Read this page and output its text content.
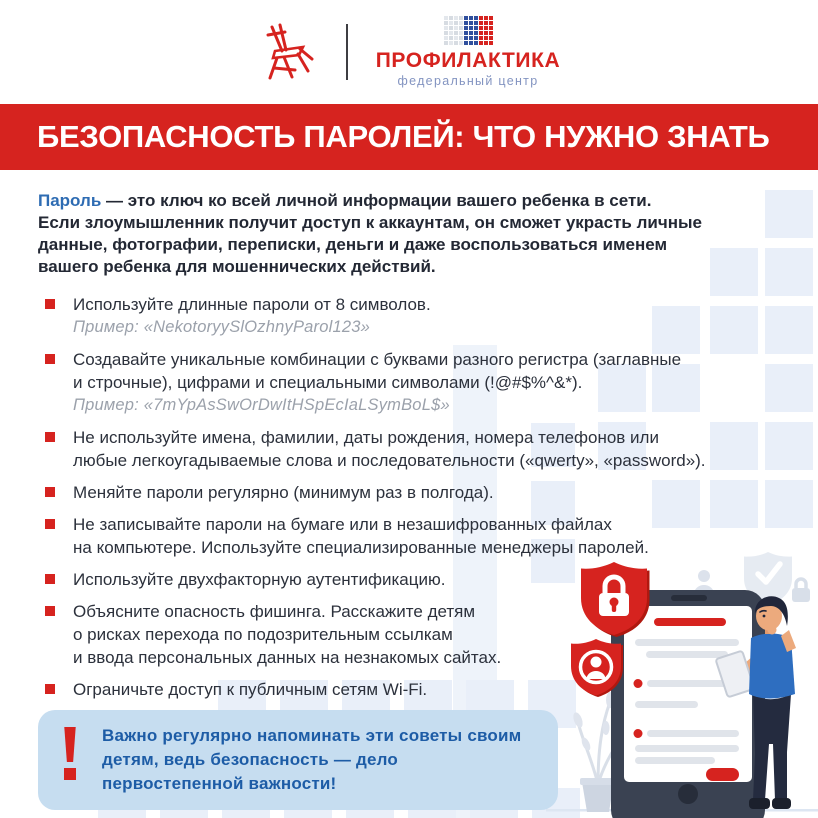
ПРОФИЛАКТИКА
федеральный центр
БЕЗОПАСНОСТЬ ПАРОЛЕЙ: ЧТО НУЖНО ЗНАТЬ

Пароль — это ключ ко всей личной информации вашего ребенка в сети.
Если злоумышленник получит доступ к аккаунтам, он сможет украсть личные
данные, фотографии, переписки, деньги и даже воспользоваться именем
вашего ребенка для мошеннических действий.

Используйте длинные пароли от 8 символов.
Пример: «NekotoryySlOzhnyParol123»
Создавайте уникальные комбинации с буквами разного регистра (заглавные
и строчные), цифрами и специальными символами (!@#$%^&*).
Пример: «7mYpAsSwOrDwItHSpEcIaLSymBoL$»
Не используйте имена, фамилии, даты рождения, номера телефонов или
любые легкоугадываемые слова и последовательности («qwerty», «password»).
Меняйте пароли регулярно (минимум раз в полгода).
Не записывайте пароли на бумаге или в незашифрованных файлах
на компьютере. Используйте специализированные менеджеры паролей.
Используйте двухфакторную аутентификацию.
Объясните опасность фишинга. Расскажите детям
о рисках перехода по подозрительным ссылкам
и ввода персональных данных на незнакомых сайтах.
Ограничьте доступ к публичным сетям Wi-Fi.
Важно регулярно напоминать эти советы своим
детям, ведь безопасность — дело
первостепенной важности!
